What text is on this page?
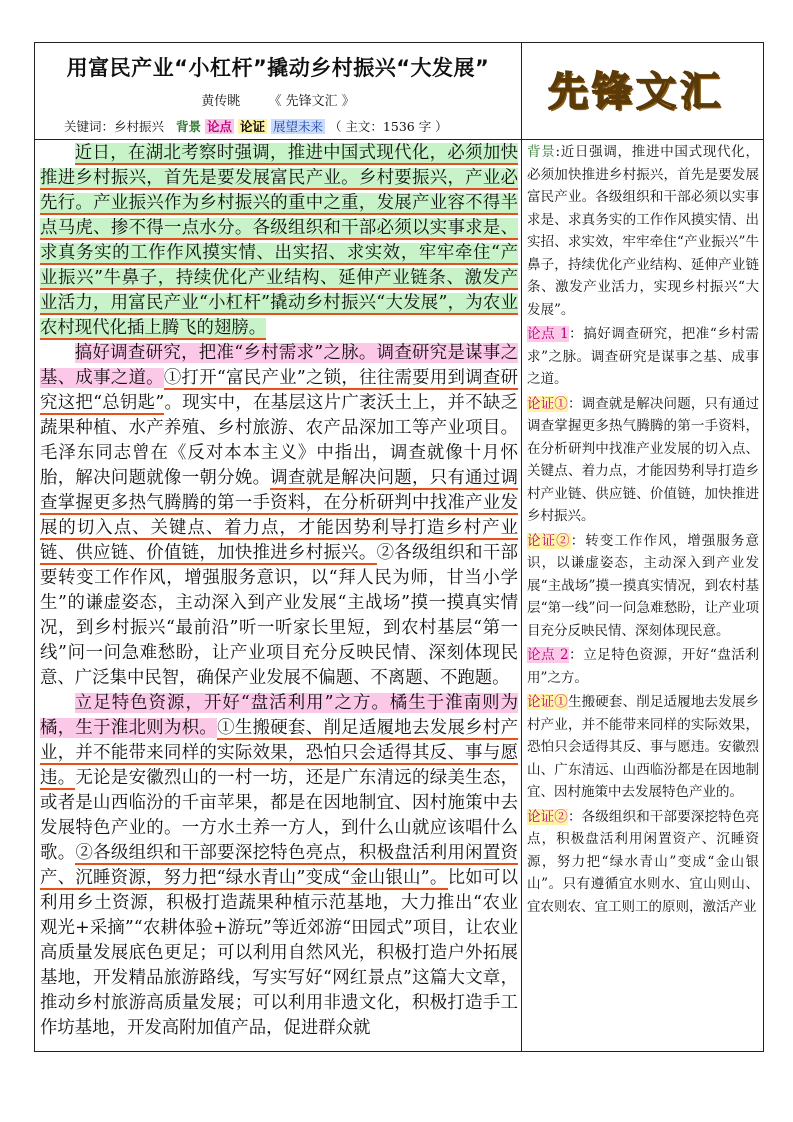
用富民产业“小杠杆”撬动乡村振兴“大发展”
黄传眺 《 先锋文汇 》
关键词：乡村振兴 背景 论点 论证 展望未来 （ 主文：1536 字 ）
先锋文汇

近日，在湖北考察时强调，推进中国式现代化，必须加快推进乡村振兴，首先是要发展富民产业。乡村要振兴，产业必先行。产业振兴作为乡村振兴的重中之重，发展产业容不得半点马虎、掺不得一点水分。各级组织和干部必须以实事求是、求真务实的工作作风摸实情、出实招、求实效，牢牢牵住“产业振兴”牛鼻子，持续优化产业结构、延伸产业链条、激发产业活力，用富民产业“小杠杆”撬动乡村振兴“大发展”，为农业农村现代化插上腾飞的翅膀。

搞好调查研究，把准“乡村需求”之脉。调查研究是谋事之基、成事之道。①打开“富民产业”之锁，往往需要用到调查研究这把“总钥匙”。现实中，在基层这片广袤沃土上，并不缺乏蔬果种植、水产养殖、乡村旅游、农产品深加工等产业项目。毛泽东同志曾在《反对本本主义》中指出，调查就像十月怀胎，解决问题就像一朝分娩。调查就是解决问题，只有通过调查掌握更多热气腾腾的第一手资料，在分析研判中找准产业发展的切入点、关键点、着力点，才能因势利导打造乡村产业链、供应链、价值链，加快推进乡村振兴。②各级组织和干部要转变工作作风，增强服务意识，以“拜人民为师，甘当小学生”的谦虚姿态，主动深入到产业发展“主战场”摸一摸真实情况，到乡村振兴“最前沿”听一听家长里短，到农村基层“第一线”问一问急难愁盼，让产业项目充分反映民情、深刻体现民意、广泛集中民智，确保产业发展不偏题、不离题、不跑题。

立足特色资源，开好“盘活利用”之方。橘生于淮南则为橘，生于淮北则为枳。①生搬硬套、削足适履地去发展乡村产业，并不能带来同样的实际效果，恐怕只会适得其反、事与愿违。无论是安徽烈山的一村一坊，还是广东清远的绿美生态，或者是山西临汾的千亩苹果，都是在因地制宜、因村施策中去发展特色产业的。一方水土养一方人，到什么山就应该唱什么歌。②各级组织和干部要深挖特色亮点，积极盘活利用闲置资产、沉睡资源，努力把“绿水青山”变成“金山银山”。比如可以利用乡土资源，积极打造蔬果种植示范基地，大力推出“农业观光+采摘”“农耕体验+游玩”等近郊游“田园式”项目，让农业高质量发展底色更足；可以利用自然风光，积极打造户外拓展基地，开发精品旅游路线，写实写好“网红景点”这篇大文章，推动乡村旅游高质量发展；可以利用非遗文化，积极打造手工作坊基地，开发高附加值产品，促进群众就

背景:近日强调，推进中国式现代化，必须加快推进乡村振兴，首先是要发展富民产业。各级组织和干部必须以实事求是、求真务实的工作作风摸实情、出实招、求实效，牢牢牵住“产业振兴”牛鼻子，持续优化产业结构、延伸产业链条、激发产业活力，实现乡村振兴“大发展”。

论点 1：搞好调查研究，把准“乡村需求”之脉。调查研究是谋事之基、成事之道。

论证①：调查就是解决问题，只有通过调查掌握更多热气腾腾的第一手资料，在分析研判中找准产业发展的切入点、关键点、着力点，才能因势利导打造乡村产业链、供应链、价值链，加快推进乡村振兴。

论证②：转变工作作风，增强服务意识，以谦虚姿态，主动深入到产业发展“主战场”摸一摸真实情况，到农村基层“第一线”问一问急难愁盼，让产业项目充分反映民情、深刻体现民意。

论点 2：立足特色资源，开好“盘活利用”之方。

论证①生搬硬套、削足适履地去发展乡村产业，并不能带来同样的实际效果，恐怕只会适得其反、事与愿违。安徽烈山、广东清远、山西临汾都是在因地制宜、因村施策中去发展特色产业的。

论证②：各级组织和干部要深挖特色亮点，积极盘活利用闲置资产、沉睡资源，努力把“绿水青山”变成“金山银山”。只有遵循宜水则水、宜山则山、宜农则农、宜工则工的原则，激活产业
